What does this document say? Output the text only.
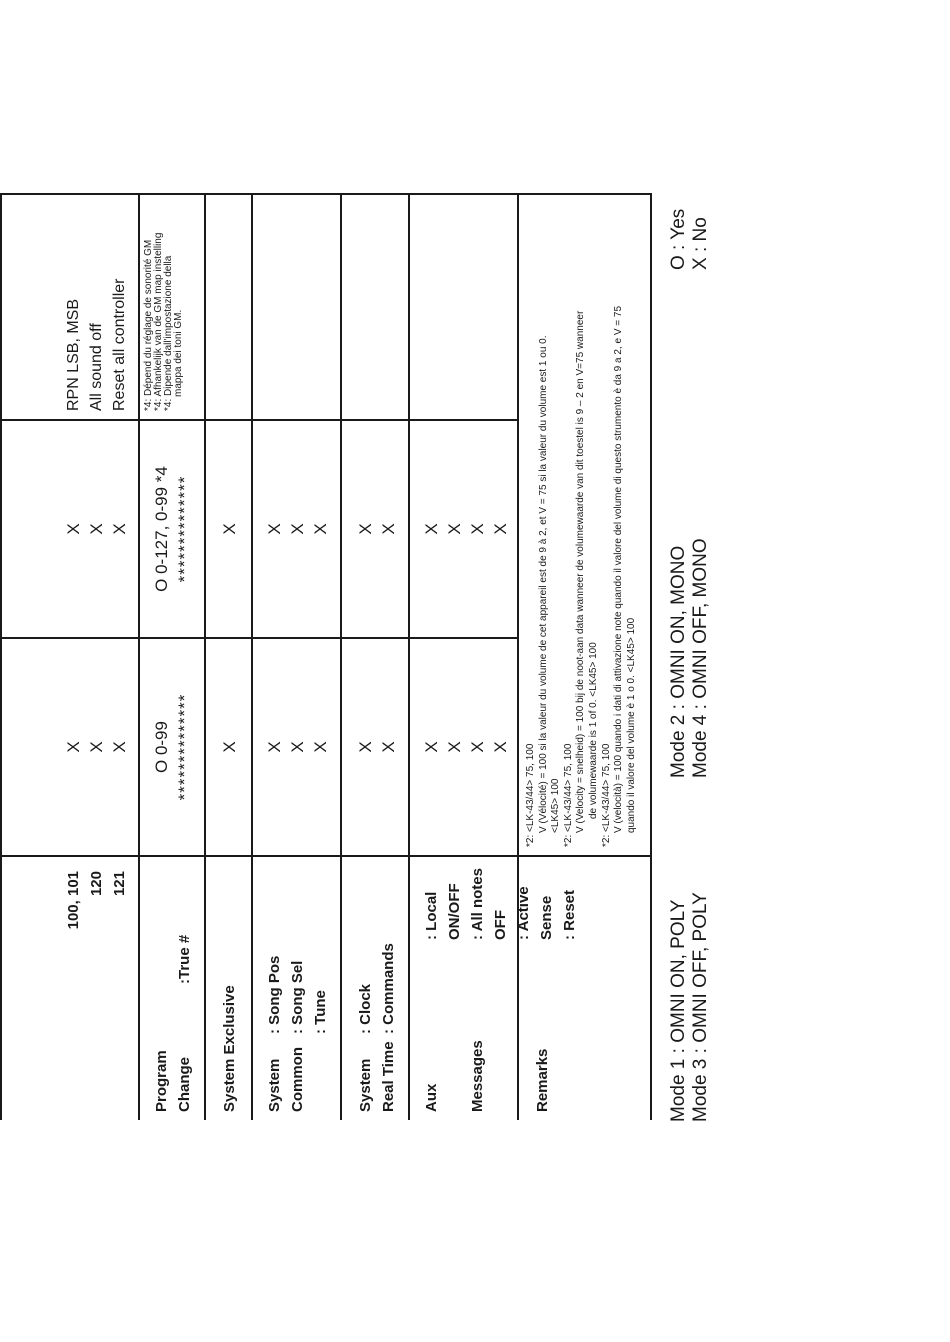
100, 101 120 121
X X X
X X X
RPN LSB, MSB All sound off Reset all controller
Program Change
:True #
O 0-99 **************
O 0-127, 0-99 *4 **************
*4: Dépend du réglage de sonorité GM *4: Afhankelijk van de GM map instelling *4: Dipende dall'impostazione della mappa dei toni GM.
System Exclusive
X
X
System Common
: Song Pos : Song Sel : Tune
X X X
X X X
System Real Time
: Clock : Commands
X X
X X
Aux Messages
: Local ON/OFF : All notes OFF : Active Sense : Reset
X X X X
X X X X
Remarks
*2: <LK-43/44> 75, 100 V (Vélocité) = 100 si la valeur du volume de cet appareil est de 9 à 2, et V = 75 si la valeur du volume est 1 ou 0. <LK45> 100 *2: <LK-43/44> 75, 100 V (Velocity = snelheid) = 100 bij de noot-aan data wanneer de volumewaarde van dit toestel is 9 – 2 en V=75 wanneer de volumewaarde is 1 of 0. <LK45> 100 *2: <LK-43/44> 75, 100 V (velocità) = 100 quando i dati di attivazione note quando il valore del volume di questo strumento è da 9 a 2, e V = 75 quando il valore del volume è 1 o 0. <LK45> 100
Mode 1 : OMNI ON, POLY Mode 3 : OMNI OFF, POLY
Mode 2 : OMNI ON, MONO Mode 4 : OMNI OFF, MONO
O : Yes X : No
